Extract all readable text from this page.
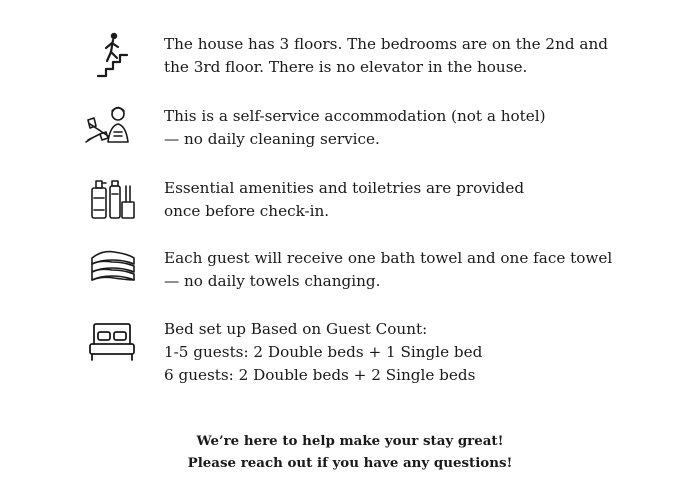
The house has 3 floors. The bedrooms are on the 2nd and
the 3rd floor. There is no elevator in the house.
This is a self-service accommodation (not a hotel)
— no daily cleaning service.
Essential amenities and toiletries are provided
once before check-in.
Each guest will receive one bath towel and one face towel
— no daily towels changing.
Bed set up Based on Guest Count:
1-5 guests: 2 Double beds + 1 Single bed
6 guests: 2 Double beds + 2 Single beds
We’re here to help make your stay great!
Please reach out if you have any questions!
